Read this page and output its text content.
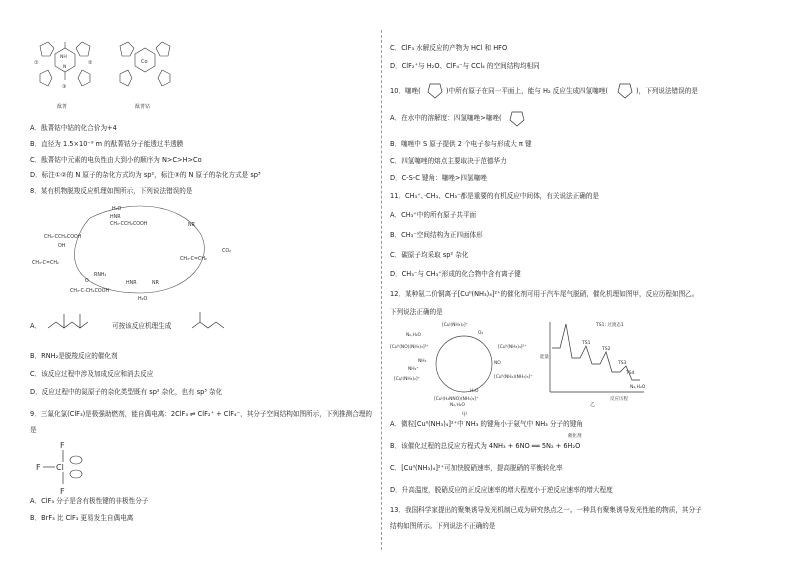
NH
N
①	②
③
Co
酞菁	酞菁钴
A．酞菁钴中钴的化合价为+4
B．直径为 1.5×10⁻⁹ m 的酞菁钴分子能透过半透膜
C．酞菁钴中元素的电负性由大到小的顺序为 N>C>H>Co
D．标注①②的 N 原子的杂化方式均为 sp²，标注③的 N 原子的杂化方式是 sp³
8．某有机物脱羧反应机理如图所示，下列说法错误的是
H₂O
HNR
CH₂-CCH₂COOH
CH₂-CCH₂COOH
OH
CH₃-C=CH₂
NR
CO₂
CH₃-C=CH₂
RNH₂
CH₃-C-CH₂COOH
O
H₂O
HNR	NR
A．	可按该反应机理生成
B．RNH₂是脱羧反应的催化剂
C．该反应过程中涉及加成反应和消去反应
D．反应过程中的氮原子的杂化类型既有 sp² 杂化，也有 sp³ 杂化
9．三氟化氯(ClF₃)是极强助燃剂，能自偶电离：2ClF₃ ⇌ ClF₂⁺ + ClF₄⁻，其分子空间结构如图所示，下列推测合理的
是
F
F Cl
F
A．ClF₃ 分子是含有极性键的非极性分子
B．BrF₃ 比 ClF₃ 更易发生自偶电离
C．ClF₃ 水解反应的产物为 HCl 和 HFO
D．ClF₂⁺与 H₂O、ClF₄⁻与 CCl₄ 的空间结构均相同
10．噻唑(	)中所有原子在同一平面上，能与 H₂ 反应生成四氢噻唑(	)，下列说法错误的是
A．在水中的溶解度：四氢噻唑>噻唑(
B．噻唑中 S 原子提供 2 个电子参与形成大 π 键
C．四氢噻唑的熔点主要取决于范德华力
D．C-S-C 键角：噻唑>四氢噻唑
11．CH₃⁺、·CH₃、CH₃⁻都是重要的有机反应中间体，有关说法正确的是
A．CH₃⁺中的所有原子共平面
B．CH₃⁻空间结构为正四面体形
C．碳原子均采取 sp² 杂化
D．CH₃⁻与 CH₃⁺形成的化合物中含有离子键
12．某种氨二价铜离子[Cuᴵᴵ(NH₃)₄]²⁺的催化剂可用于汽车尾气脱硝，催化机理如图甲，反应历程如图乙。
下列说法正确的是
[Cuᴵ(NH₃)₂]⁺
[Cuᴵᴵ(NH₃)₄]²⁺
[Cuᴵᴵ(NO)(NH₃)₃]²⁺
[Cuᴵᴵ(NH₂)(NH₃)₃]⁺
[Cuᴵ(NH₃)₂]⁺
[Cuᴵ(H₂NNO)(NH₃)₂]⁺
N₂,H₂O
NH₃
O₂
NO
NH₄⁺
H₂O
N₂,H₂O
甲
能量
TS1: 过渡态1
TS1
TS2
TS3
TS4
N₂,H₂O
反应历程
乙
A．微粒[Cuᴵᴵ(NH₃)₄]²⁺中 NH₃ 的键角小于氨气中 NH₃ 分子的键角
催化剂
B．该催化过程的总反应方程式为 4NH₃ + 6NO ══ 5N₂ + 6H₂O
C．[Cuᴵᴵ(NH₃)₄]²⁺可加快脱硝速率，提高脱硝的平衡转化率
D．升高温度，脱硝反应的正反应速率的增大程度小于逆反应速率的增大程度
13．我国科学家提出的聚集诱导发光机制已成为研究热点之一。一种具有聚集诱导发光性能的物质，其分子
结构如图所示。下列说法不正确的是
